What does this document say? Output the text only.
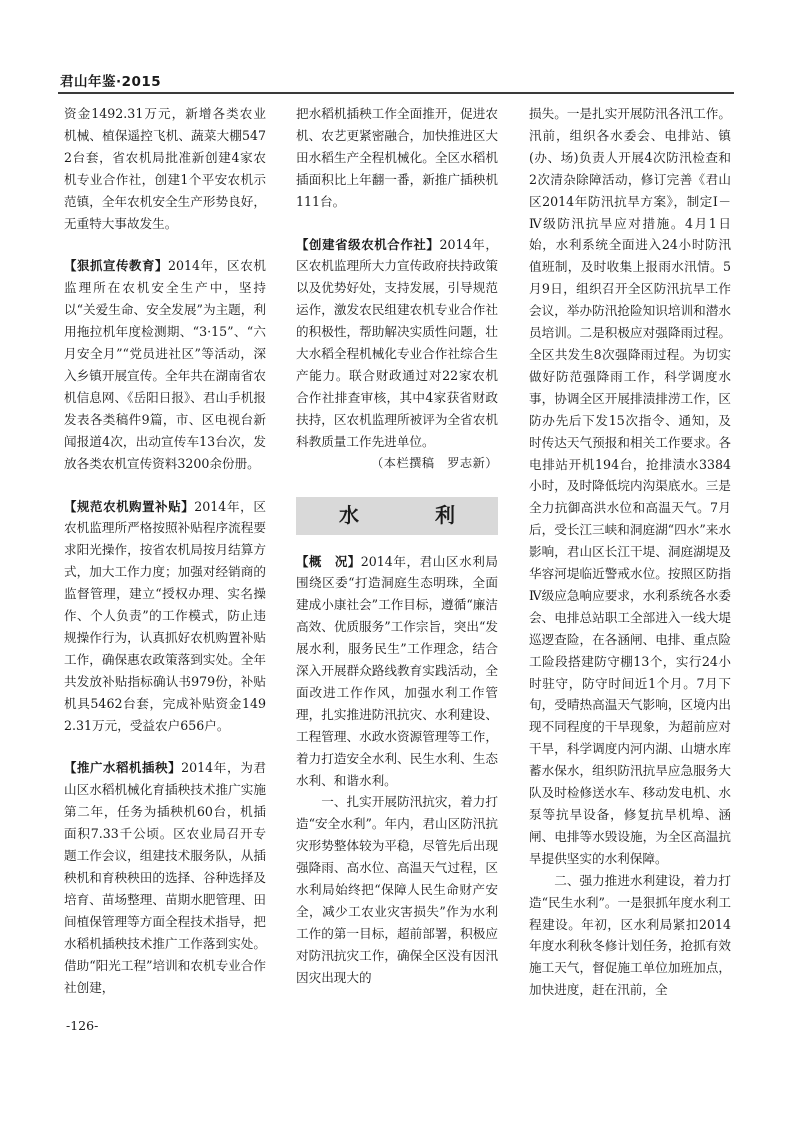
君山年鉴·2015

资金1492.31万元，新增各类农业机械、植保遥控飞机、蔬菜大棚5472台套，省农机局批准新创建4家农机专业合作社，创建1个平安农机示范镇，全年农机安全生产形势良好，无重特大事故发生。

【狠抓宣传教育】2014年，区农机监理所在农机安全生产中，坚持以“关爱生命、安全发展”为主题，利用拖拉机年度检测期、“3·15”、“六月安全月”“党员进社区”等活动，深入乡镇开展宣传。全年共在湖南省农机信息网、《岳阳日报》、君山手机报发表各类稿件9篇，市、区电视台新闻报道4次，出动宣传车13台次，发放各类农机宣传资料3200余份册。

【规范农机购置补贴】2014年，区农机监理所严格按照补贴程序流程要求阳光操作，按省农机局按月结算方式，加大工作力度；加强对经销商的监督管理，建立“授权办理、实名操作、个人负责”的工作模式，防止违规操作行为，认真抓好农机购置补贴工作，确保惠农政策落到实处。全年共发放补贴指标确认书979份，补贴机具5462台套，完成补贴资金1492.31万元，受益农户656户。

【推广水稻机插秧】2014年，为君山区水稻机械化育插秧技术推广实施第二年，任务为插秧机60台，机插面积7.33千公顷。区农业局召开专题工作会议，组建技术服务队，从插秧机和育秧秧田的选择、谷种选择及培育、苗场整理、苗期水肥管理、田间植保管理等方面全程技术指导，把水稻机插秧技术推广工作落到实处。借助“阳光工程”培训和农机专业合作社创建，

把水稻机插秧工作全面推开，促进农机、农艺更紧密融合，加快推进区大田水稻生产全程机械化。全区水稻机插面积比上年翻一番，新推广插秧机111台。

【创建省级农机合作社】2014年，区农机监理所大力宣传政府扶持政策以及优势好处，支持发展，引导规范运作，激发农民组建农机专业合作社的积极性，帮助解决实质性问题，壮大水稻全程机械化专业合作社综合生产能力。联合财政通过对22家农机合作社排查审核，其中4家获省财政扶持，区农机监理所被评为全省农机科教质量工作先进单位。

（本栏撰稿　罗志新）

水　利

【概　况】2014年，君山区水利局围绕区委“打造洞庭生态明珠，全面建成小康社会”工作目标，遵循“廉洁高效、优质服务”工作宗旨，突出“发展水利，服务民生”工作理念，结合深入开展群众路线教育实践活动，全面改进工作作风，加强水利工作管理，扎实推进防汛抗灾、水利建设、工程管理、水政水资源管理等工作，着力打造安全水利、民生水利、生态水利、和谐水利。

一、扎实开展防汛抗灾，着力打造“安全水利”。年内，君山区防汛抗灾形势整体较为平稳，尽管先后出现强降雨、高水位、高温天气过程，区水利局始终把“保障人民生命财产安全，减少工农业灾害损失”作为水利工作的第一目标，超前部署，积极应对防汛抗灾工作，确保全区没有因汛因灾出现大的

损失。一是扎实开展防汛各汛工作。汛前，组织各水委会、电排站、镇(办、场)负责人开展4次防汛检查和2次清杂除障活动，修订完善《君山区2014年防汛抗旱方案》，制定Ⅰ－Ⅳ级防汛抗旱应对措施。4月1日始，水利系统全面进入24小时防汛值班制，及时收集上报雨水汛情。5月9日，组织召开全区防汛抗旱工作会议，举办防汛抢险知识培训和潜水员培训。二是积极应对强降雨过程。全区共发生8次强降雨过程。为切实做好防范强降雨工作，科学调度水事，协调全区开展排渍排涝工作，区防办先后下发15次指令、通知，及时传达天气预报和相关工作要求。各电排站开机194台，抢排渍水3384小时，及时降低垸内沟渠底水。三是全力抗御高洪水位和高温天气。7月后，受长江三峡和洞庭湖“四水”来水影响，君山区长江干堤、洞庭湖堤及华容河堤临近警戒水位。按照区防指Ⅳ级应急响应要求，水利系统各水委会、电排总站职工全部进入一线大堤巡逻查险，在各涵闸、电排、重点险工险段搭建防守棚13个，实行24小时驻守，防守时间近1个月。7月下旬，受晴热高温天气影响，区境内出现不同程度的干旱现象，为超前应对干旱，科学调度内河内湖、山塘水库蓄水保水，组织防汛抗旱应急服务大队及时检修送水车、移动发电机、水泵等抗旱设备，修复抗旱机埠、涵闸、电排等水毁设施，为全区高温抗旱提供坚实的水利保障。

二、强力推进水利建设，着力打造“民生水利”。一是狠抓年度水利工程建设。年初，区水利局紧扣2014年度水利秋冬修计划任务，抢抓有效施工天气，督促施工单位加班加点，加快进度，赶在汛前，全

-126-
